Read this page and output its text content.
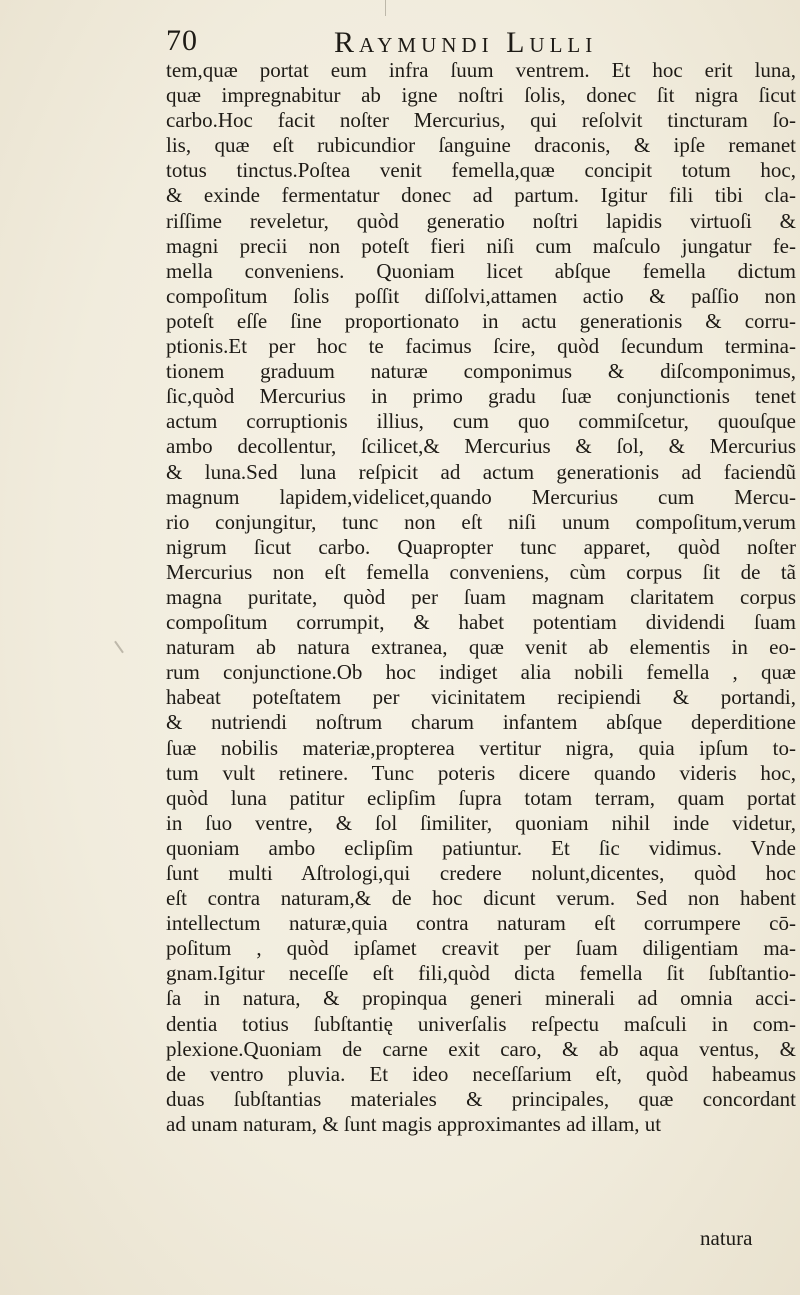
70	Raymundi Lulli
tem,quæ portat eum infra ſuum ventrem. Et hoc erit luna,
quæ impregnabitur ab igne noſtri ſolis, donec ſit nigra ſicut
carbo.Hoc facit noſter Mercurius, qui reſolvit tincturam ſo-
lis, quæ eſt rubicundior ſanguine draconis, & ipſe remanet
totus tinctus.Poſtea venit femella,quæ concipit totum hoc,
& exinde fermentatur donec ad partum. Igitur fili tibi cla-
riſſime reveletur, quòd generatio noſtri lapidis virtuoſi &
magni precii non poteſt fieri niſi cum maſculo jungatur fe-
mella conveniens. Quoniam licet abſque femella dictum
compoſitum ſolis poſſit diſſolvi,attamen actio & paſſio non
poteſt eſſe ſine proportionato in actu generationis & corru-
ptionis.Et per hoc te facimus ſcire, quòd ſecundum termina-
tionem graduum naturæ componimus & diſcomponimus,
ſic,quòd Mercurius in primo gradu ſuæ conjunctionis tenet
actum corruptionis illius, cum quo commiſcetur, quouſque
ambo decollentur, ſcilicet,& Mercurius & ſol, & Mercurius
& luna.Sed luna reſpicit ad actum generationis ad faciendũ
magnum lapidem,videlicet,quando Mercurius cum Mercu-
rio conjungitur, tunc non eſt niſi unum compoſitum,verum
nigrum ſicut carbo. Quapropter tunc apparet, quòd noſter
Mercurius non eſt femella conveniens, cùm corpus ſit de tã
magna puritate, quòd per ſuam magnam claritatem corpus
compoſitum corrumpit, & habet potentiam dividendi ſuam
naturam ab natura extranea, quæ venit ab elementis in eo-
rum conjunctione.Ob hoc indiget alia nobili femella , quæ
habeat poteſtatem per vicinitatem recipiendi & portandi,
& nutriendi noſtrum charum infantem abſque deperditione
ſuæ nobilis materiæ,propterea vertitur nigra, quia ipſum to-
tum vult retinere. Tunc poteris dicere quando videris hoc,
quòd luna patitur eclipſim ſupra totam terram, quam portat
in ſuo ventre, & ſol ſimiliter, quoniam nihil inde videtur,
quoniam ambo eclipſim patiuntur. Et ſic vidimus. Vnde
ſunt multi Aſtrologi,qui credere nolunt,dicentes, quòd hoc
eſt contra naturam,& de hoc dicunt verum. Sed non habent
intellectum naturæ,quia contra naturam eſt corrumpere cō-
poſitum , quòd ipſamet creavit per ſuam diligentiam ma-
gnam.Igitur neceſſe eſt fili,quòd dicta femella ſit ſubſtantio-
ſa in natura, & propinqua generi minerali ad omnia acci-
dentia totius ſubſtantię univerſalis reſpectu maſculi in com-
plexione.Quoniam de carne exit caro, & ab aqua ventus, &
de ventro pluvia. Et ideo neceſſarium eſt, quòd habeamus
duas ſubſtantias materiales & principales, quæ concordant
ad unam naturam, & ſunt magis approximantes ad illam, ut
natura
